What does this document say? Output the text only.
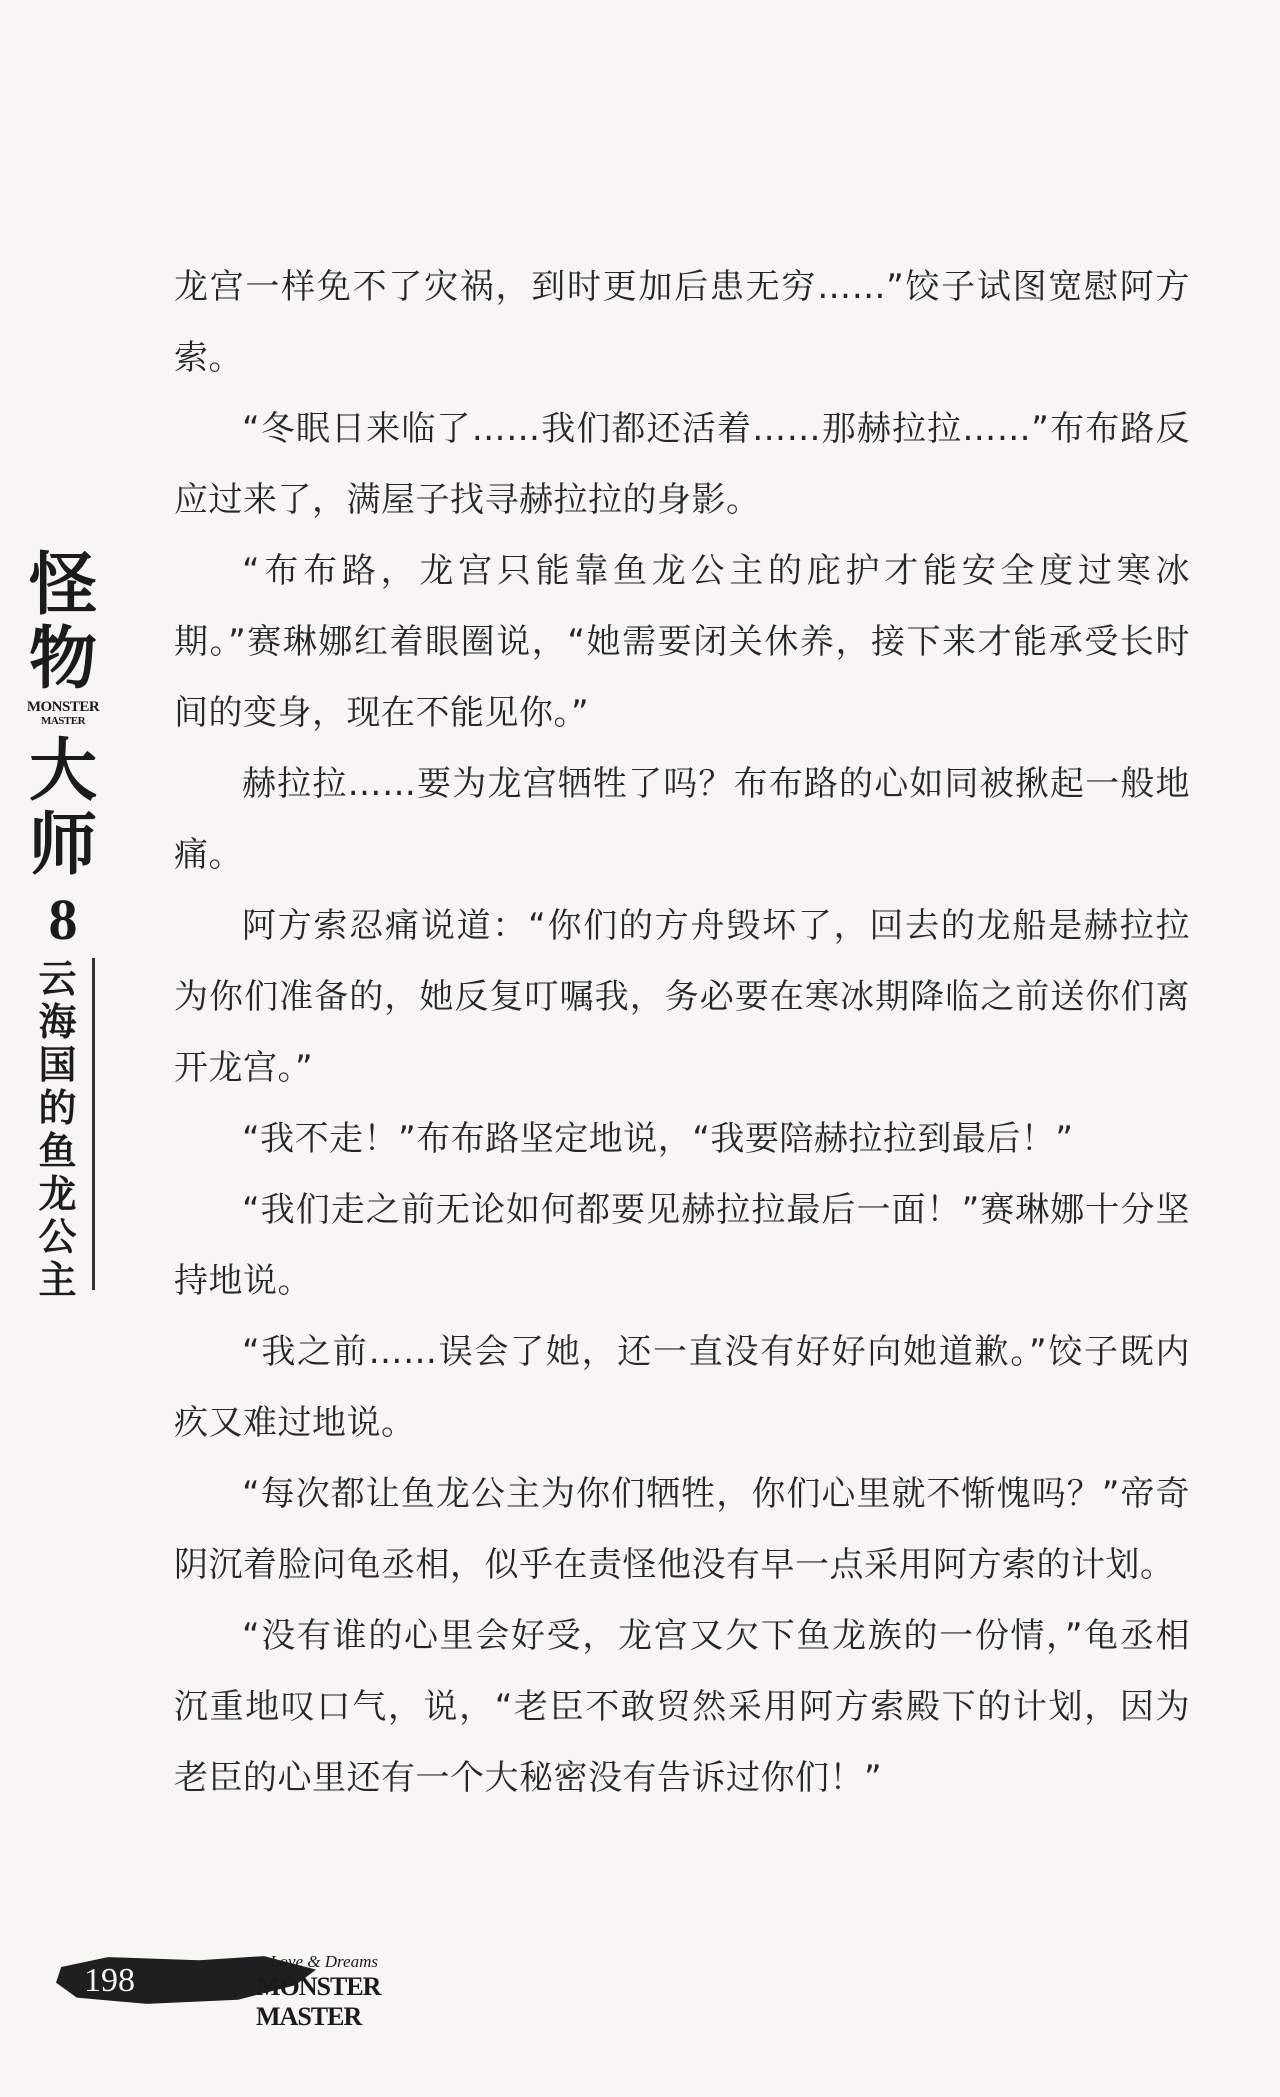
怪
物
MONSTER
MASTER
大
师
8
云海国的鱼龙公主

龙宫一样免不了灾祸，到时更加后患无穷……”饺子试图宽慰阿方索。

“冬眠日来临了……我们都还活着……那赫拉拉……”布布路反应过来了，满屋子找寻赫拉拉的身影。

“布布路，龙宫只能靠鱼龙公主的庇护才能安全度过寒冰期。”赛琳娜红着眼圈说，“她需要闭关休养，接下来才能承受长时间的变身，现在不能见你。”

赫拉拉……要为龙宫牺牲了吗？布布路的心如同被揪起一般地痛。

阿方索忍痛说道：“你们的方舟毁坏了，回去的龙船是赫拉拉为你们准备的，她反复叮嘱我，务必要在寒冰期降临之前送你们离开龙宫。”

“我不走！”布布路坚定地说，“我要陪赫拉拉到最后！”

“我们走之前无论如何都要见赫拉拉最后一面！”赛琳娜十分坚持地说。

“我之前……误会了她，还一直没有好好向她道歉。”饺子既内疚又难过地说。

“每次都让鱼龙公主为你们牺牲，你们心里就不惭愧吗？”帝奇阴沉着脸问龟丞相，似乎在责怪他没有早一点采用阿方索的计划。

“没有谁的心里会好受，龙宫又欠下鱼龙族的一份情，”龟丞相沉重地叹口气，说，“老臣不敢贸然采用阿方索殿下的计划，因为老臣的心里还有一个大秘密没有告诉过你们！”

198
Love & Dreams
MONSTER MASTER
